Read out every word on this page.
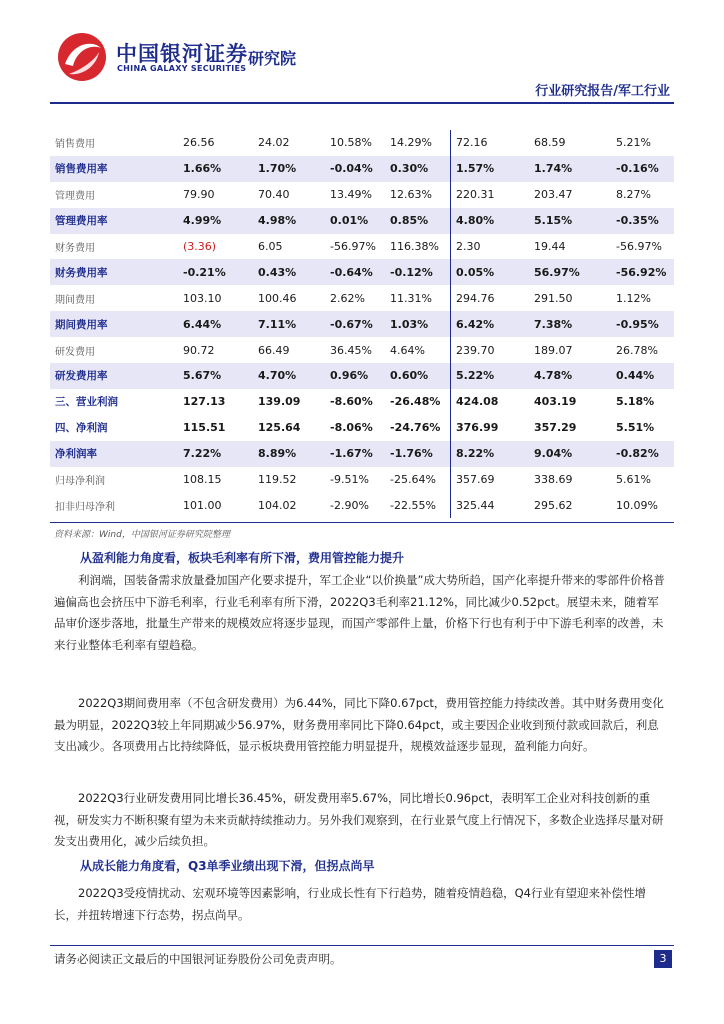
中国银河证券
CHINA GALAXY SECURITIES
研究院
行业研究报告/军工行业
销售费用	26.56	24.02	10.58%	14.29%	72.16	68.59	5.21%
销售费用率	1.66%	1.70%	-0.04%	0.30%	1.57%	1.74%	-0.16%
管理费用	79.90	70.40	13.49%	12.63%	220.31	203.47	8.27%
管理费用率	4.99%	4.98%	0.01%	0.85%	4.80%	5.15%	-0.35%
财务费用	(3.36)	6.05	-56.97%	116.38%	2.30	19.44	-56.97%
财务费用率	-0.21%	0.43%	-0.64%	-0.12%	0.05%	56.97%	-56.92%
期间费用	103.10	100.46	2.62%	11.31%	294.76	291.50	1.12%
期间费用率	6.44%	7.11%	-0.67%	1.03%	6.42%	7.38%	-0.95%
研发费用	90.72	66.49	36.45%	4.64%	239.70	189.07	26.78%
研发费用率	5.67%	4.70%	0.96%	0.60%	5.22%	4.78%	0.44%
三、营业利润	127.13	139.09	-8.60%	-26.48%	424.08	403.19	5.18%
四、净利润	115.51	125.64	-8.06%	-24.76%	376.99	357.29	5.51%
净利润率	7.22%	8.89%	-1.67%	-1.76%	8.22%	9.04%	-0.82%
归母净利润	108.15	119.52	-9.51%	-25.64%	357.69	338.69	5.61%
扣非归母净利	101.00	104.02	-2.90%	-22.55%	325.44	295.62	10.09%
资料来源：Wind，中国银河证券研究院整理
从盈利能力角度看，板块毛利率有所下滑，费用管控能力提升

利润端，国装备需求放量叠加国产化要求提升，军工企业“以价换量”成大势所趋，国产化率提升带来的零部件价格普遍偏高也会挤压中下游毛利率，行业毛利率有所下滑，2022Q3毛利率21.12%，同比减少0.52pct。展望未来，随着军品审价逐步落地，批量生产带来的规模效应将逐步显现，而国产零部件上量，价格下行也有利于中下游毛利率的改善，未来行业整体毛利率有望趋稳。

2022Q3期间费用率（不包含研发费用）为6.44%，同比下降0.67pct，费用管控能力持续改善。其中财务费用变化最为明显，2022Q3较上年同期减少56.97%，财务费用率同比下降0.64pct，或主要因企业收到预付款或回款后，利息支出减少。各项费用占比持续降低，显示板块费用管控能力明显提升，规模效益逐步显现，盈利能力向好。

2022Q3行业研发费用同比增长36.45%，研发费用率5.67%，同比增长0.96pct，表明军工企业对科技创新的重视，研发实力不断积聚有望为未来贡献持续推动力。另外我们观察到，在行业景气度上行情况下，多数企业选择尽量对研发支出费用化，减少后续负担。

从成长能力角度看，Q3单季业绩出现下滑，但拐点尚早

2022Q3受疫情扰动、宏观环境等因素影响，行业成长性有下行趋势，随着疫情趋稳，Q4行业有望迎来补偿性增长，并扭转增速下行态势，拐点尚早。

请务必阅读正文最后的中国银河证券股份公司免责声明。	3
